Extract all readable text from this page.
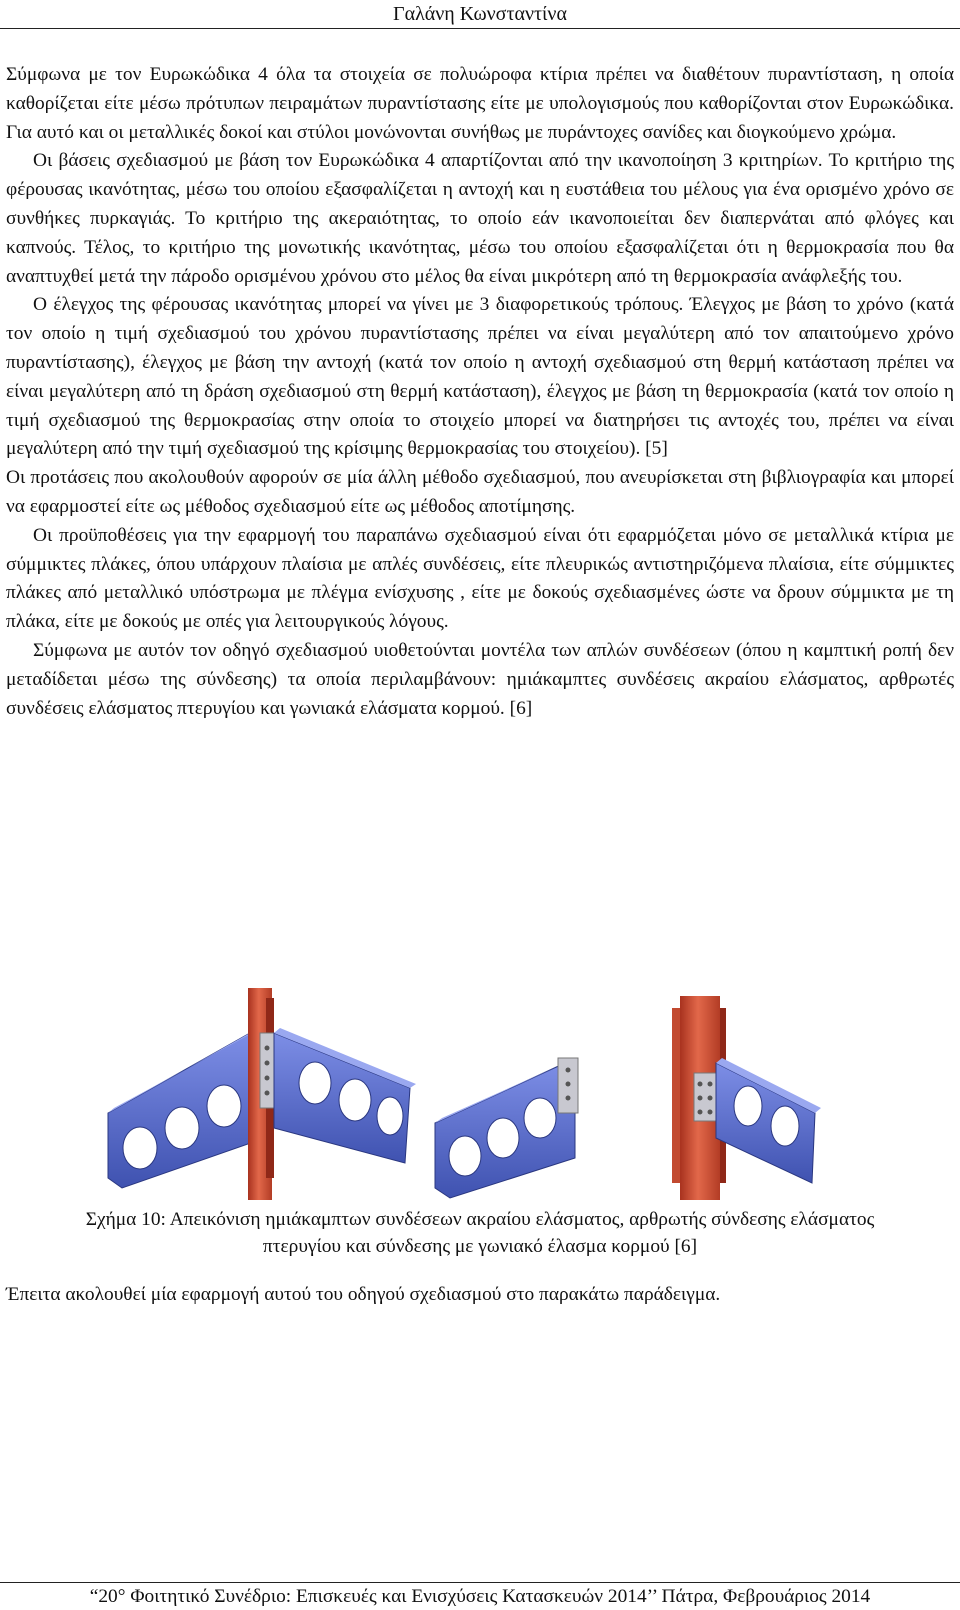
Γαλάνη Κωνσταντίνα

Σύμφωνα με τον Ευρωκώδικα 4 όλα τα στοιχεία σε πολυώροφα κτίρια πρέπει να διαθέτουν πυραντίσταση, η οποία καθορίζεται είτε μέσω πρότυπων πειραμάτων πυραντίστασης είτε με υπολογισμούς που καθορίζονται στον Ευρωκώδικα. Για αυτό και οι μεταλλικές δοκοί και στύλοι μονώνονται συνήθως με πυράντοχες σανίδες και διογκούμενο χρώμα.

Οι βάσεις σχεδιασμού με βάση τον Ευρωκώδικα 4 απαρτίζονται από την ικανοποίηση 3 κριτηρίων. Το κριτήριο της φέρουσας ικανότητας, μέσω του οποίου εξασφαλίζεται η αντοχή και η ευστάθεια του μέλους για ένα ορισμένο χρόνο σε συνθήκες πυρκαγιάς. Το κριτήριο της ακεραιότητας, το οποίο εάν ικανοποιείται δεν διαπερνάται από φλόγες και καπνούς. Τέλος, το κριτήριο της μονωτικής ικανότητας, μέσω του οποίου εξασφαλίζεται ότι η θερμοκρασία που θα αναπτυχθεί μετά την πάροδο ορισμένου χρόνου στο μέλος θα είναι μικρότερη από τη θερμοκρασία ανάφλεξής του.

Ο έλεγχος της φέρουσας ικανότητας μπορεί να γίνει με 3 διαφορετικούς τρόπους. Έλεγχος με βάση το χρόνο (κατά τον οποίο η τιμή σχεδιασμού του χρόνου πυραντίστασης πρέπει να είναι μεγαλύτερη από τον απαιτούμενο χρόνο πυραντίστασης), έλεγχος με βάση την αντοχή (κατά τον οποίο η αντοχή σχεδιασμού στη θερμή κατάσταση πρέπει να είναι μεγαλύτερη από τη δράση σχεδιασμού στη θερμή κατάσταση), έλεγχος με βάση τη θερμοκρασία (κατά τον οποίο η τιμή σχεδιασμού της θερμοκρασίας στην οποία το στοιχείο μπορεί να διατηρήσει τις αντοχές του, πρέπει να είναι μεγαλύτερη από την τιμή σχεδιασμού της κρίσιμης θερμοκρασίας του στοιχείου). [5]

Οι προτάσεις που ακολουθούν αφορούν σε μία άλλη μέθοδο σχεδιασμού, που ανευρίσκεται στη βιβλιογραφία και μπορεί να εφαρμοστεί είτε ως μέθοδος σχεδιασμού είτε ως μέθοδος αποτίμησης.

Οι προϋποθέσεις για την εφαρμογή του παραπάνω σχεδιασμού είναι ότι εφαρμόζεται μόνο σε μεταλλικά κτίρια με σύμμικτες πλάκες, όπου υπάρχουν πλαίσια με απλές συνδέσεις, είτε πλευρικώς αντιστηριζόμενα πλαίσια, είτε σύμμικτες πλάκες από μεταλλικό υπόστρωμα με πλέγμα ενίσχυσης , είτε με δοκούς σχεδιασμένες ώστε να δρουν σύμμικτα με τη πλάκα, είτε με δοκούς με οπές για λειτουργικούς λόγους.

Σύμφωνα με αυτόν τον οδηγό σχεδιασμού υιοθετούνται μοντέλα των απλών συνδέσεων (όπου η καμπτική ροπή δεν μεταδίδεται μέσω της σύνδεσης) τα οποία περιλαμβάνουν: ημιάκαμπτες συνδέσεις ακραίου ελάσματος, αρθρωτές συνδέσεις ελάσματος πτερυγίου και γωνιακά ελάσματα κορμού. [6]

Σχήμα 10: Απεικόνιση ημιάκαμπτων συνδέσεων ακραίου ελάσματος, αρθρωτής σύνδεσης ελάσματος
πτερυγίου και σύνδεσης με γωνιακό έλασμα κορμού [6]
Έπειτα ακολουθεί μία εφαρμογή αυτού του οδηγού σχεδιασμού στο παρακάτω παράδειγμα.
“20° Φοιτητικό Συνέδριο: Επισκευές και Ενισχύσεις Κατασκευών 2014’’ Πάτρα, Φεβρουάριος 2014
